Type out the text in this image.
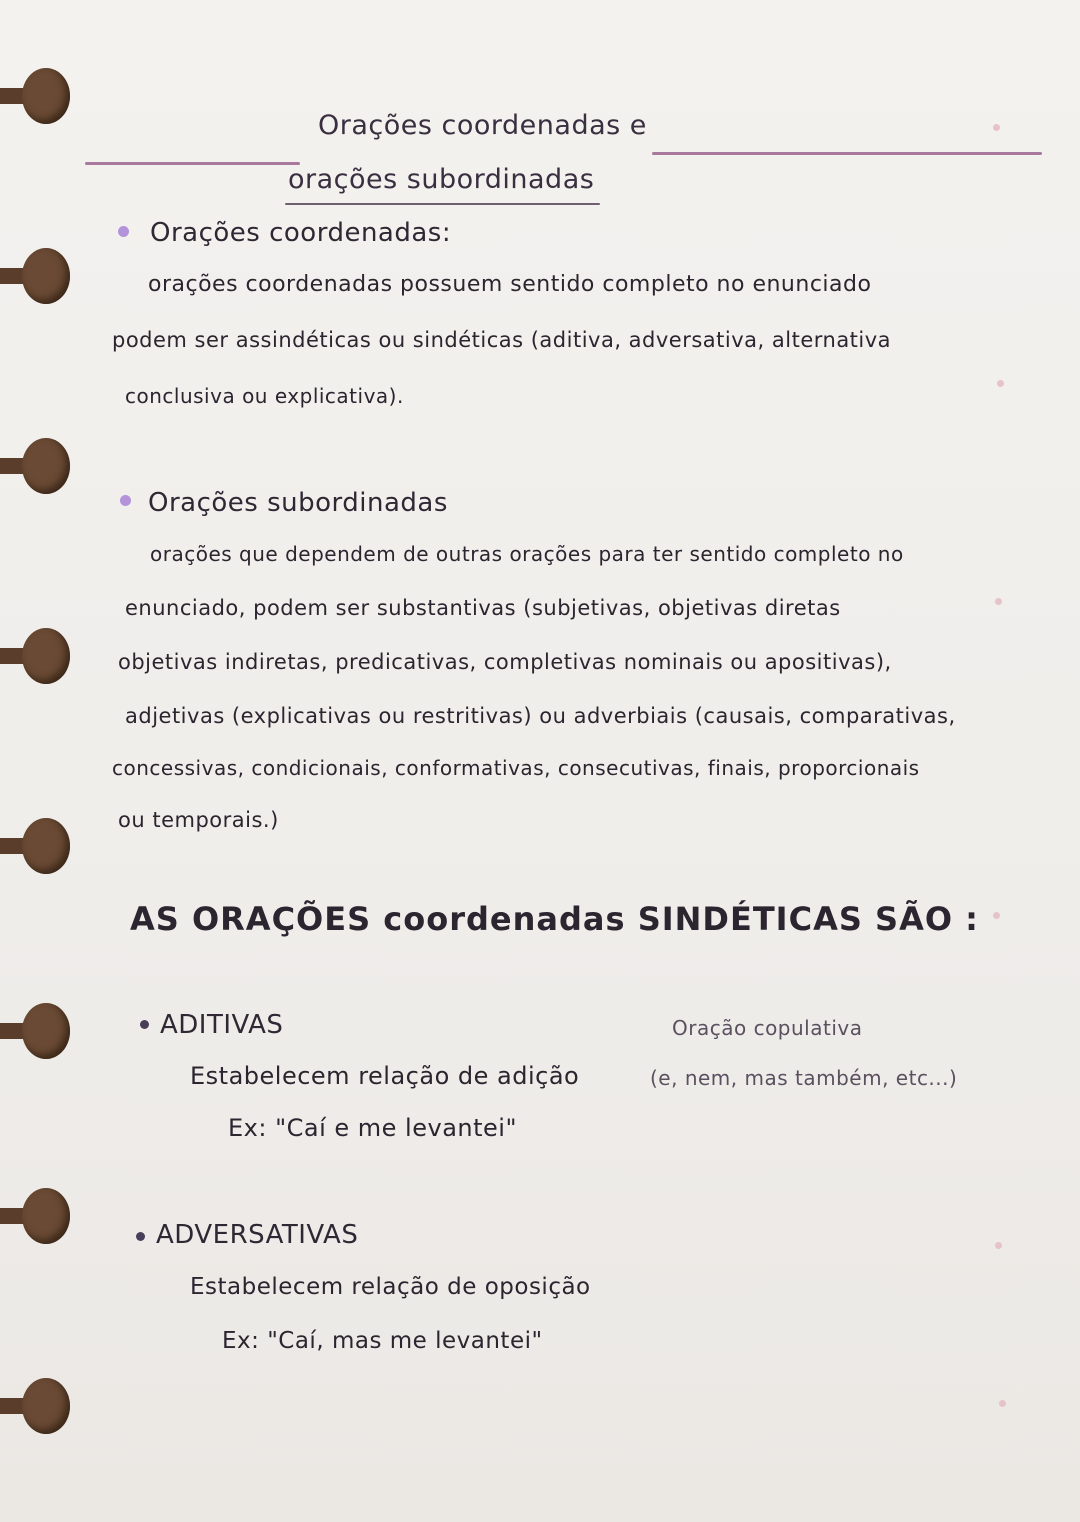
Orações coordenadas e
orações subordinadas
Orações coordenadas:
orações coordenadas possuem sentido completo no enunciado
podem ser assindéticas ou sindéticas (aditiva, adversativa, alternativa
conclusiva ou explicativa).
Orações subordinadas
orações que dependem de outras orações para ter sentido completo no
enunciado, podem ser substantivas (subjetivas, objetivas diretas
objetivas indiretas, predicativas, completivas nominais ou apositivas),
adjetivas (explicativas ou restritivas) ou adverbiais (causais, comparativas,
concessivas, condicionais, conformativas, consecutivas, finais, proporcionais
ou temporais.)
AS ORAÇÕES coordenadas SINDÉTICAS SÃO :
ADITIVAS	Oração copulativa
Estabelecem relação de adição	(e, nem, mas também, etc...)
Ex: "Caí e me levantei"
ADVERSATIVAS
Estabelecem relação de oposição
Ex: "Caí, mas me levantei"
